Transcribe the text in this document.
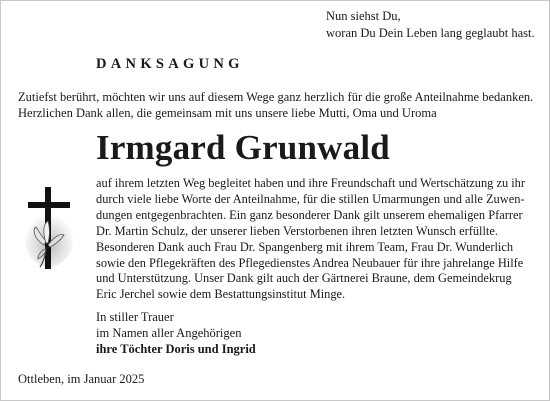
Nun siehst Du,
woran Du Dein Leben lang geglaubt hast.
DANKSAGUNG
Zutiefst berührt, möchten wir uns auf diesem Wege ganz herzlich für die große Anteilnahme bedanken.
Herzlichen Dank allen, die gemeinsam mit uns unsere liebe Mutti, Oma und Uroma
Irmgard Grunwald
auf ihrem letzten Weg begleitet haben und ihre Freundschaft und Wertschätzung zu ihr
durch viele liebe Worte der Anteilnahme, für die stillen Umarmungen und alle Zuwen-
dungen entgegenbrachten. Ein ganz besonderer Dank gilt unserem ehemaligen Pfarrer
Dr. Martin Schulz, der unserer lieben Verstorbenen ihren letzten Wunsch erfüllte.
Besonderen Dank auch Frau Dr. Spangenberg mit ihrem Team, Frau Dr. Wunderlich
sowie den Pflegekräften des Pflegedienstes Andrea Neubauer für ihre jahrelange Hilfe
und Unterstützung. Unser Dank gilt auch der Gärtnerei Braune, dem Gemeindekrug
Eric Jerchel sowie dem Bestattungsinstitut Minge.
In stiller Trauer
im Namen aller Angehörigen
ihre Töchter Doris und Ingrid
Ottleben, im Januar 2025
